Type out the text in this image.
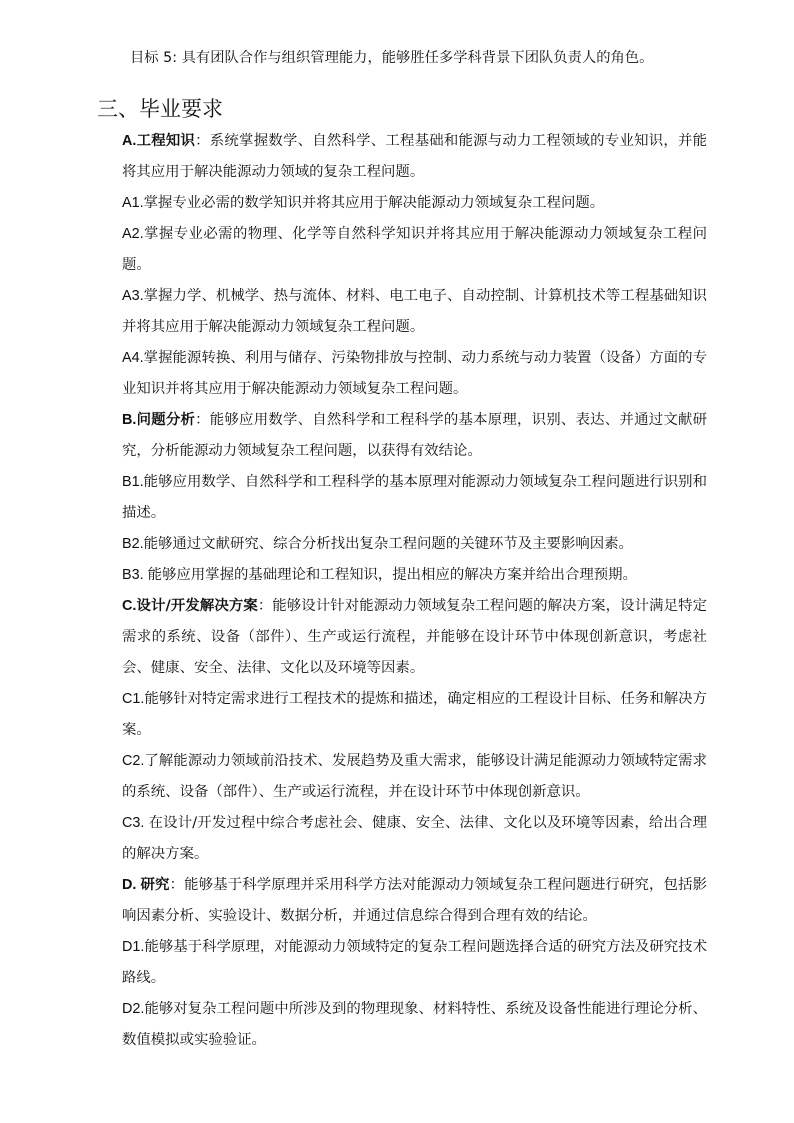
目标 5: 具有团队合作与组织管理能力，能够胜任多学科背景下团队负责人的角色。
三、毕业要求

A.工程知识：系统掌握数学、自然科学、工程基础和能源与动力工程领域的专业知识，并能将其应用于解决能源动力领域的复杂工程问题。

A1.掌握专业必需的数学知识并将其应用于解决能源动力领域复杂工程问题。

A2.掌握专业必需的物理、化学等自然科学知识并将其应用于解决能源动力领域复杂工程问题。

A3.掌握力学、机械学、热与流体、材料、电工电子、自动控制、计算机技术等工程基础知识并将其应用于解决能源动力领域复杂工程问题。

A4.掌握能源转换、利用与储存、污染物排放与控制、动力系统与动力装置（设备）方面的专业知识并将其应用于解决能源动力领域复杂工程问题。

B.问题分析：能够应用数学、自然科学和工程科学的基本原理，识别、表达、并通过文献研究，分析能源动力领域复杂工程问题，以获得有效结论。

B1.能够应用数学、自然科学和工程科学的基本原理对能源动力领域复杂工程问题进行识别和描述。

B2.能够通过文献研究、综合分析找出复杂工程问题的关键环节及主要影响因素。

B3. 能够应用掌握的基础理论和工程知识，提出相应的解决方案并给出合理预期。

C.设计/开发解决方案：能够设计针对能源动力领域复杂工程问题的解决方案，设计满足特定需求的系统、设备（部件）、生产或运行流程，并能够在设计环节中体现创新意识，考虑社会、健康、安全、法律、文化以及环境等因素。

C1.能够针对特定需求进行工程技术的提炼和描述，确定相应的工程设计目标、任务和解决方案。

C2.了解能源动力领域前沿技术、发展趋势及重大需求，能够设计满足能源动力领域特定需求的系统、设备（部件）、生产或运行流程，并在设计环节中体现创新意识。

C3. 在设计/开发过程中综合考虑社会、健康、安全、法律、文化以及环境等因素，给出合理的解决方案。

D. 研究：能够基于科学原理并采用科学方法对能源动力领域复杂工程问题进行研究，包括影响因素分析、实验设计、数据分析，并通过信息综合得到合理有效的结论。

D1.能够基于科学原理，对能源动力领域特定的复杂工程问题选择合适的研究方法及研究技术路线。

D2.能够对复杂工程问题中所涉及到的物理现象、材料特性、系统及设备性能进行理论分析、数值模拟或实验验证。
